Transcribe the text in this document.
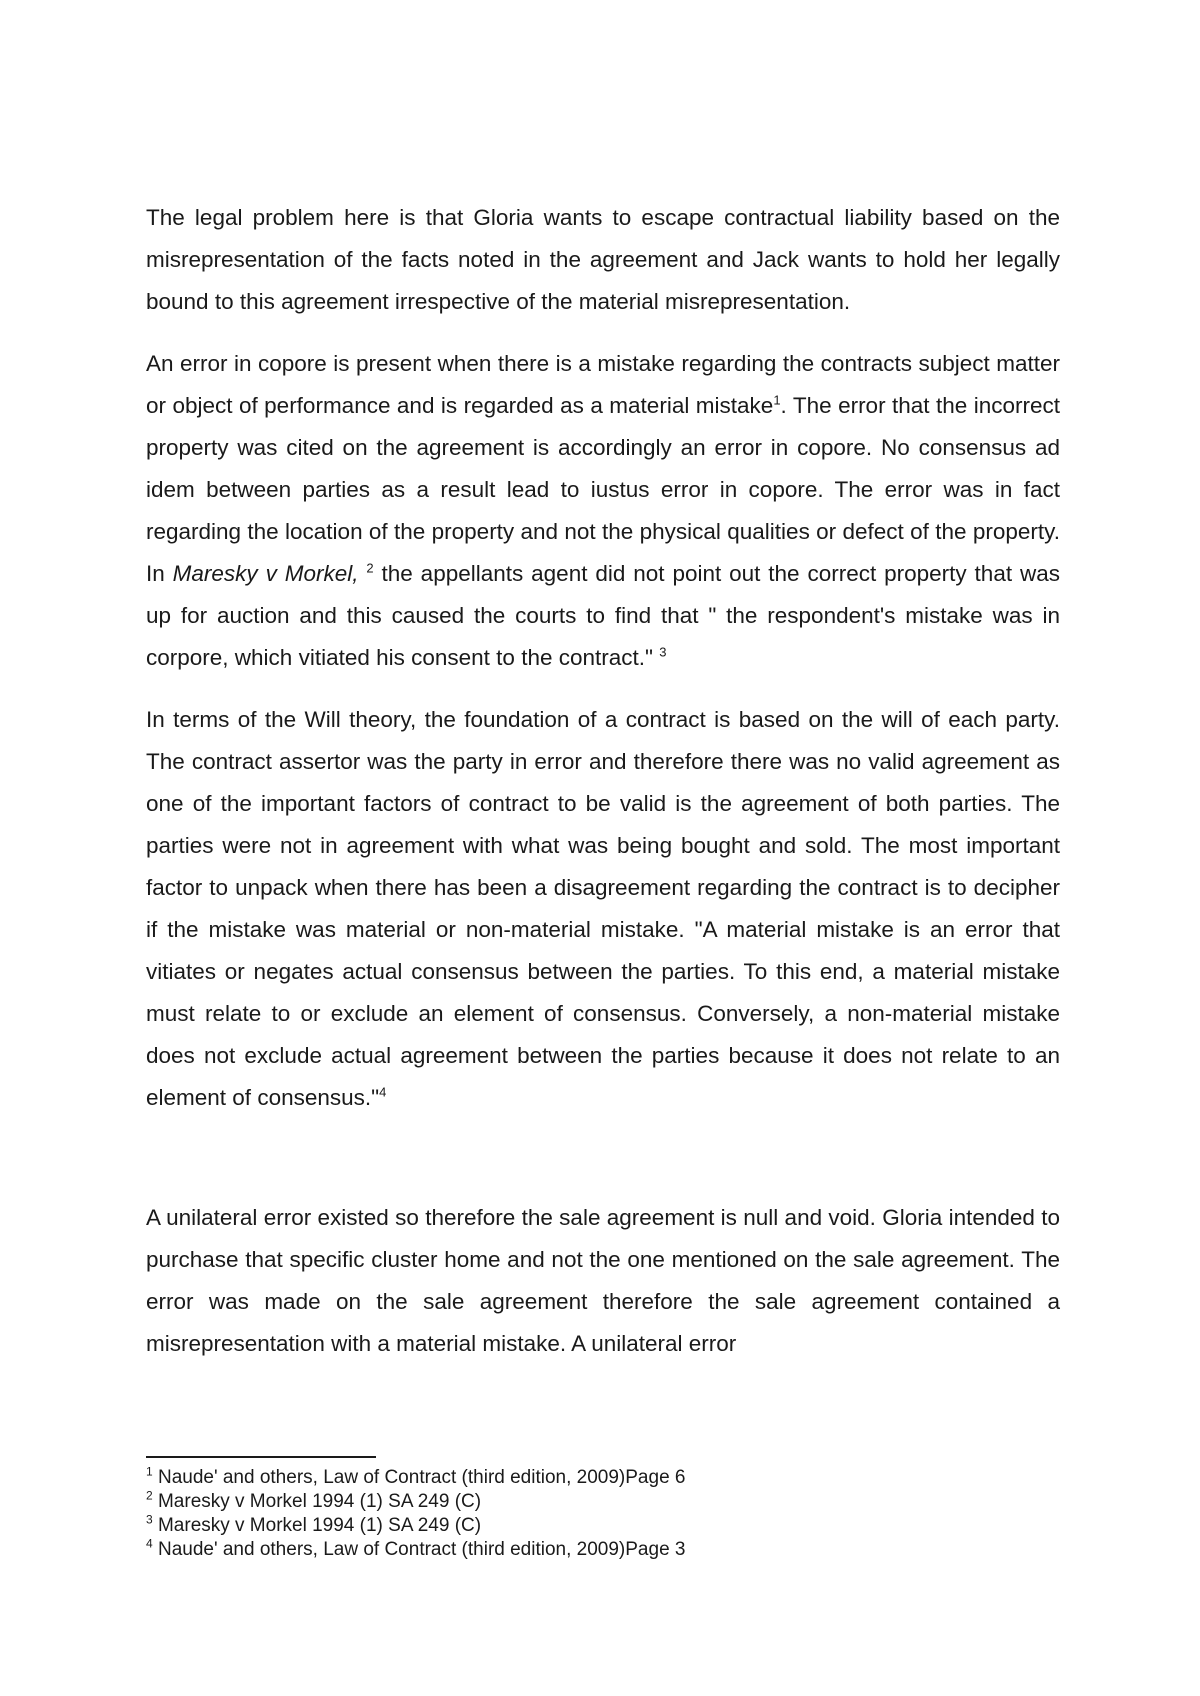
The legal problem here is that Gloria wants to escape contractual liability based on the misrepresentation of the facts noted in the agreement and Jack wants to hold her legally bound to this agreement irrespective of the material misrepresentation.

An error in copore is present when there is a mistake regarding the contracts subject matter or object of performance and is regarded as a material mistake$^1$. The error that the incorrect property was cited on the agreement is accordingly an error in copore. No consensus ad idem between parties as a result lead to iustus error in copore. The error was in fact regarding the location of the property and not the physical qualities or defect of the property. In Maresky v Morkel, $^2$ the appellants agent did not point out the correct property that was up for auction and this caused the courts to find that " the respondent's mistake was in corpore, which vitiated his consent to the contract." $^3$

In terms of the Will theory, the foundation of a contract is based on the will of each party. The contract assertor was the party in error and therefore there was no valid agreement as one of the important factors of contract to be valid is the agreement of both parties. The parties were not in agreement with what was being bought and sold. The most important factor to unpack when there has been a disagreement regarding the contract is to decipher if the mistake was material or non-material mistake. "A material mistake is an error that vitiates or negates actual consensus between the parties. To this end, a material mistake must relate to or exclude an element of consensus. Conversely, a non-material mistake does not exclude actual agreement between the parties because it does not relate to an element of consensus."$^4$

A unilateral error existed so therefore the sale agreement is null and void. Gloria intended to purchase that specific cluster home and not the one mentioned on the sale agreement. The error was made on the sale agreement therefore the sale agreement contained a misrepresentation with a material mistake. A unilateral error

$^1$ Naude' and others, Law of Contract (third edition, 2009)Page 6

$^2$ Maresky v Morkel 1994 (1) SA 249 (C)

$^3$ Maresky v Morkel 1994 (1) SA 249 (C)

$^4$ Naude' and others, Law of Contract (third edition, 2009)Page 3
